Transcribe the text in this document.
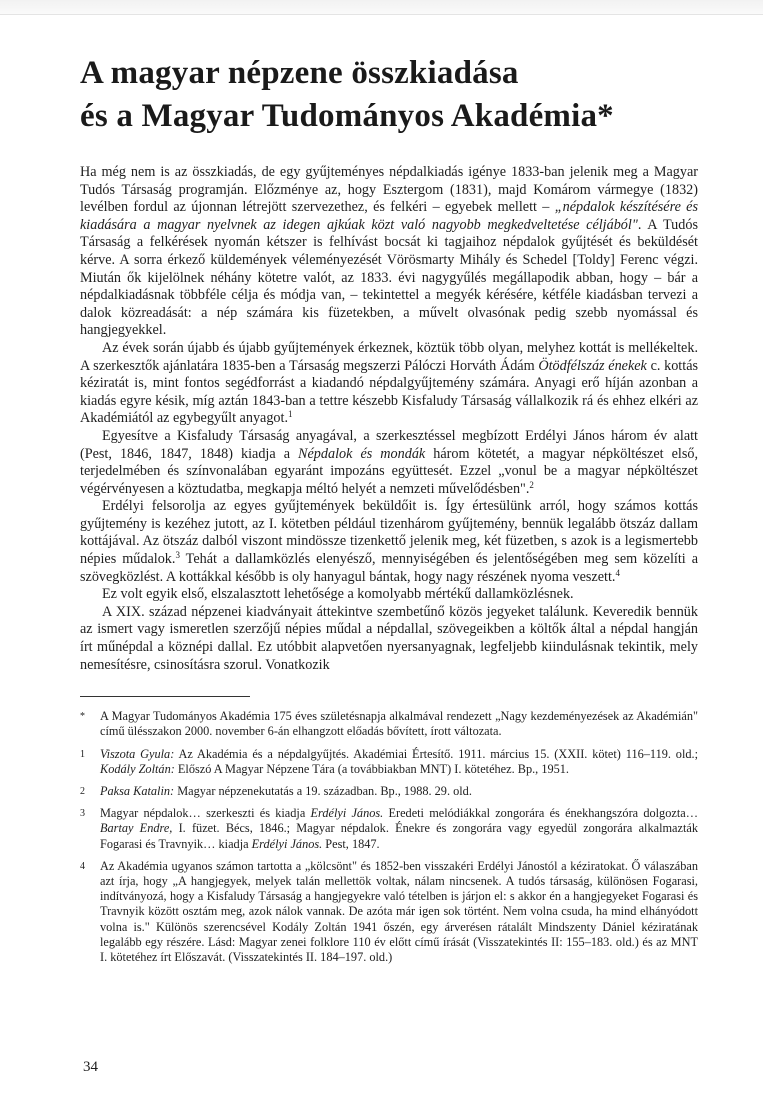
A magyar népzene összkiadása
és a Magyar Tudományos Akadémia*

Ha még nem is az összkiadás, de egy gyűjteményes népdalkiadás igénye 1833-ban jelenik meg a Magyar Tudós Társaság programján. Előzménye az, hogy Esztergom (1831), majd Komárom vármegye (1832) levélben fordul az újonnan létrejött szervezethez, és felkéri – egyebek mellett – „népdalok készítésére és kiadására a magyar nyelvnek az idegen ajkúak közt való nagyobb megkedveltetése céljából". A Tudós Társaság a felkérések nyomán kétszer is felhívást bocsát ki tagjaihoz népdalok gyűjtését és beküldését kérve. A sorra érkező küldemények véleményezését Vörösmarty Mihály és Schedel [Toldy] Ferenc végzi. Miután ők kijelölnek néhány kötetre valót, az 1833. évi nagygyűlés megállapodik abban, hogy – bár a népdalkiadásnak többféle célja és módja van, – tekintettel a megyék kérésére, kétféle kiadásban tervezi a dalok közreadását: a nép számára kis füzetekben, a művelt olvasónak pedig szebb nyomással és hangjegyekkel.

Az évek során újabb és újabb gyűjtemények érkeznek, köztük több olyan, melyhez kottát is mellékeltek. A szerkesztők ajánlatára 1835-ben a Társaság megszerzi Pálóczi Horváth Ádám Ötödfélszáz énekek c. kottás kéziratát is, mint fontos segédforrást a kiadandó népdalgyűjtemény számára. Anyagi erő híján azonban a kiadás egyre késik, míg aztán 1843-ban a tettre készebb Kisfaludy Társaság vállalkozik rá és ehhez elkéri az Akadémiától az egybegyűlt anyagot.$^1$

Egyesítve a Kisfaludy Társaság anyagával, a szerkesztéssel megbízott Erdélyi János három év alatt (Pest, 1846, 1847, 1848) kiadja a Népdalok és mondák három kötetét, a magyar népköltészet első, terjedelmében és színvonalában egyaránt impozáns együttesét. Ezzel „vonul be a magyar népköltészet végérvényesen a köztudatba, megkapja méltó helyét a nemzeti művelődésben".$^2$

Erdélyi felsorolja az egyes gyűjtemények beküldőit is. Így értesülünk arról, hogy számos kottás gyűjtemény is kezéhez jutott, az I. kötetben például tizenhárom gyűjtemény, bennük legalább ötszáz dallam kottájával. Az ötszáz dalból viszont mindössze tizenkettő jelenik meg, két füzetben, s azok is a legismertebb népies műdalok.$^3$ Tehát a dallamközlés elenyésző, mennyiségében és jelentőségében meg sem közelíti a szövegközlést. A kottákkal később is oly hanyagul bántak, hogy nagy részének nyoma veszett.$^4$

Ez volt egyik első, elszalasztott lehetősége a komolyabb mértékű dallamközlésnek.

A XIX. század népzenei kiadványait áttekintve szembetűnő közös jegyeket találunk. Keveredik bennük az ismert vagy ismeretlen szerzőjű népies műdal a népdallal, szövegeikben a költők által a népdal hangján írt műnépdal a köznépi dallal. Ez utóbbit alapvetően nyersanyagnak, legfeljebb kiindulásnak tekintik, mely nemesítésre, csinosításra szorul. Vonatkozik

*	A Magyar Tudományos Akadémia 175 éves születésnapja alkalmával rendezett „Nagy kezdeményezések az Akadémián" című ülésszakon 2000. november 6-án elhangzott előadás bővített, írott változata.
1	Viszota Gyula: Az Akadémia és a népdalgyűjtés. Akadémiai Értesítő. 1911. március 15. (XXII. kötet) 116–119. old.; Kodály Zoltán: Előszó A Magyar Népzene Tára (a továbbiakban MNT) I. kötetéhez. Bp., 1951.
2	Paksa Katalin: Magyar népzenekutatás a 19. században. Bp., 1988. 29. old.
3	Magyar népdalok… szerkeszti és kiadja Erdélyi János. Eredeti melódiákkal zongorára és énekhangszóra dolgozta… Bartay Endre, I. füzet. Bécs, 1846.; Magyar népdalok. Énekre és zongorára vagy egyedül zongorára alkalmazták Fogarasi és Travnyik… kiadja Erdélyi János. Pest, 1847.
4	Az Akadémia ugyanos számon tartotta a „kölcsönt" és 1852-ben visszakéri Erdélyi Jánostól a kéziratokat. Ő válaszában azt írja, hogy „A hangjegyek, melyek talán mellettök voltak, nálam nincsenek. A tudós társaság, különösen Fogarasi, indítványozá, hogy a Kisfaludy Társaság a hangjegyekre való tételben is járjon el: s akkor én a hangjegyeket Fogarasi és Travnyik között osztám meg, azok nálok vannak. De azóta már igen sok történt. Nem volna csuda, ha mind elhányódott volna is." Különös szerencsével Kodály Zoltán 1941 őszén, egy árverésen rátalált Mindszenty Dániel kéziratának legalább egy részére. Lásd: Magyar zenei folklore 110 év előtt című írását (Visszatekintés II: 155–183. old.) és az MNT I. kötetéhez írt Előszavát. (Visszatekintés II. 184–197. old.)
34
